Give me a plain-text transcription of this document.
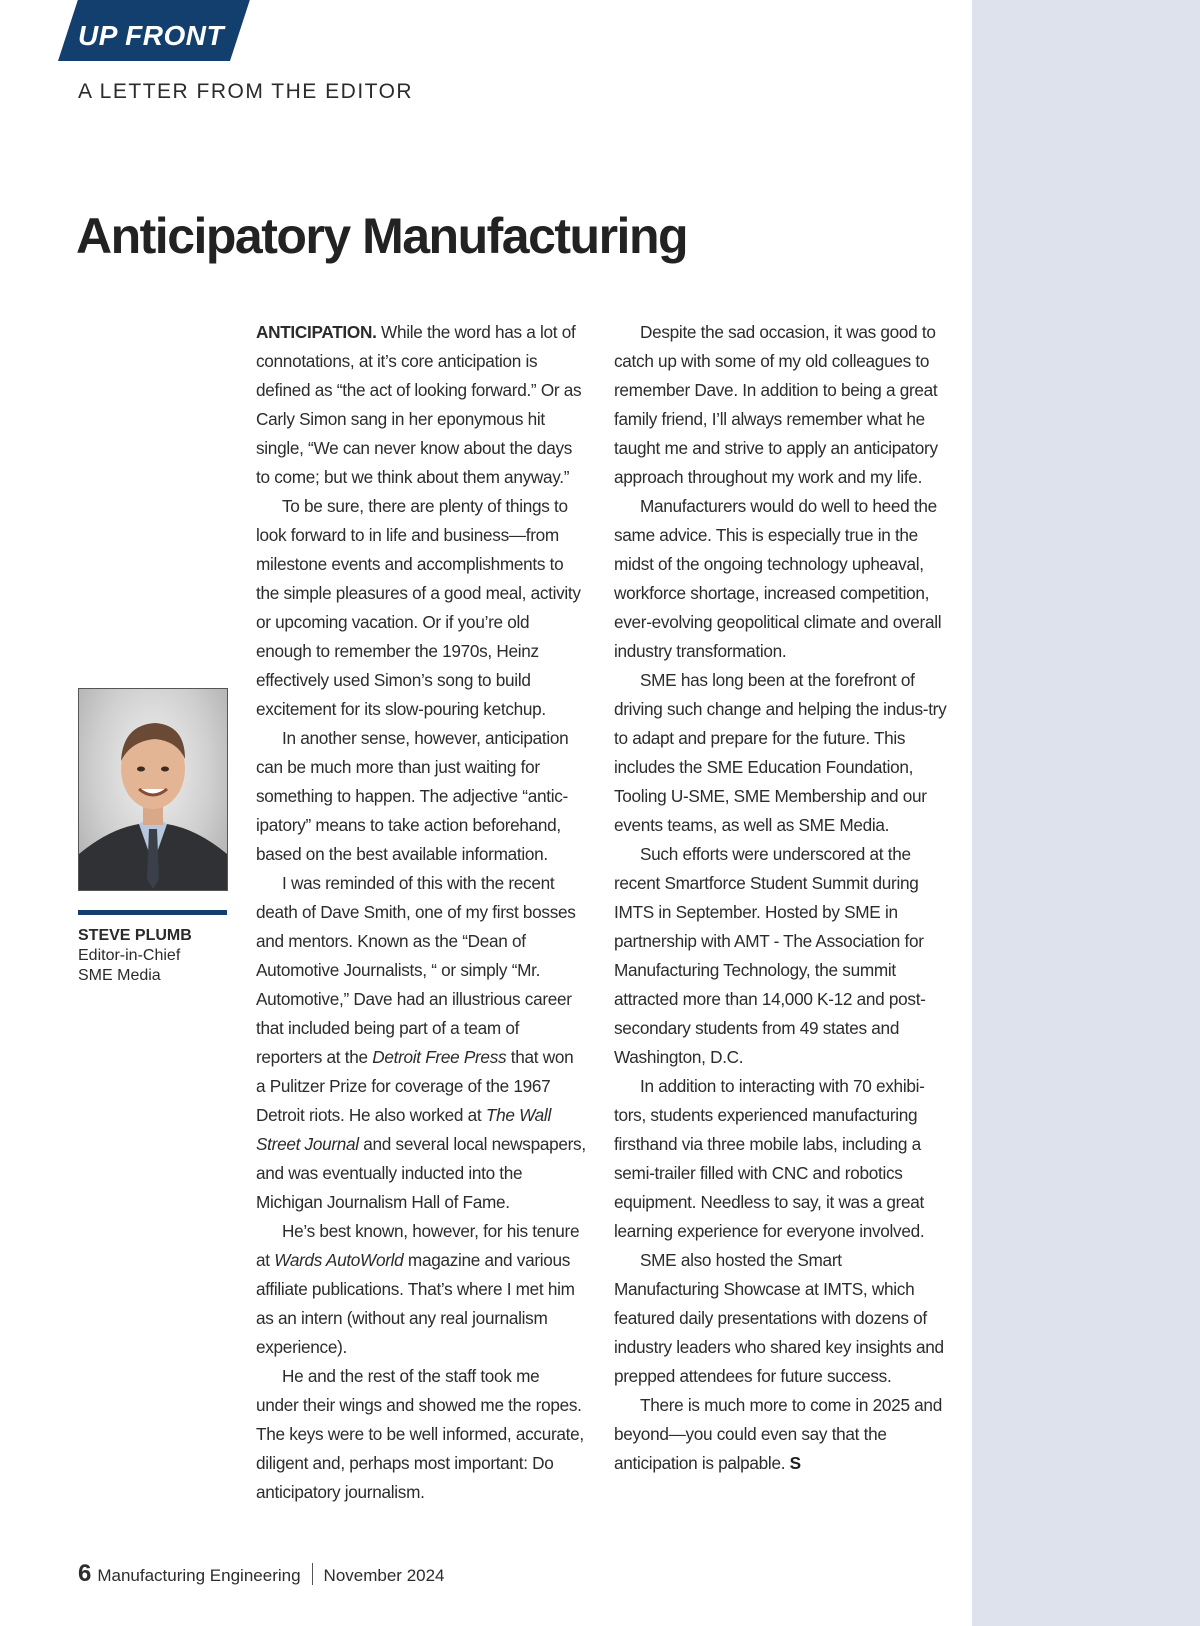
UP FRONT
A LETTER FROM THE EDITOR
Anticipatory Manufacturing
STEVE PLUMB
Editor-in-Chief
SME Media

ANTICIPATION. While the word has a lot of connotations, at it’s core anticipation is defined as “the act of looking forward.” Or as Carly Simon sang in her eponymous hit single, “We can never know about the days to come; but we think about them anyway.”

To be sure, there are plenty of things to look forward to in life and business—from milestone events and accomplishments to the simple pleasures of a good meal, activity or upcoming vacation. Or if you’re old enough to remember the 1970s, Heinz effectively used Simon’s song to build excitement for its slow-pouring ketchup.

In another sense, however, anticipation can be much more than just waiting for something to happen. The adjective “antic-ipatory” means to take action beforehand, based on the best available information.

I was reminded of this with the recent death of Dave Smith, one of my first bosses and mentors. Known as the “Dean of Automotive Journalists, “ or simply “Mr. Automotive,” Dave had an illustrious career that included being part of a team of reporters at the Detroit Free Press that won a Pulitzer Prize for coverage of the 1967 Detroit riots. He also worked at The Wall Street Journal and several local newspapers, and was eventually inducted into the Michigan Journalism Hall of Fame.

He’s best known, however, for his tenure at Wards AutoWorld magazine and various affiliate publications. That’s where I met him as an intern (without any real journalism experience).

He and the rest of the staff took me under their wings and showed me the ropes. The keys were to be well informed, accurate, diligent and, perhaps most important: Do anticipatory journalism.

Despite the sad occasion, it was good to catch up with some of my old colleagues to remember Dave. In addition to being a great family friend, I’ll always remember what he taught me and strive to apply an anticipatory approach throughout my work and my life.

Manufacturers would do well to heed the same advice. This is especially true in the midst of the ongoing technology upheaval, workforce shortage, increased competition, ever-evolving geopolitical climate and overall industry transformation.

SME has long been at the forefront of driving such change and helping the indus-try to adapt and prepare for the future. This includes the SME Education Foundation, Tooling U-SME, SME Membership and our events teams, as well as SME Media.

Such efforts were underscored at the recent Smartforce Student Summit during IMTS in September. Hosted by SME in partnership with AMT - The Association for Manufacturing Technology, the summit attracted more than 14,000 K-12 and post-secondary students from 49 states and Washington, D.C.

In addition to interacting with 70 exhibi-tors, students experienced manufacturing firsthand via three mobile labs, including a semi-trailer filled with CNC and robotics equipment. Needless to say, it was a great learning experience for everyone involved.

SME also hosted the Smart Manufacturing Showcase at IMTS, which featured daily presentations with dozens of industry leaders who shared key insights and prepped attendees for future success.

There is much more to come in 2025 and beyond—you could even say that the anticipation is palpable. S

6 Manufacturing Engineering November 2024
